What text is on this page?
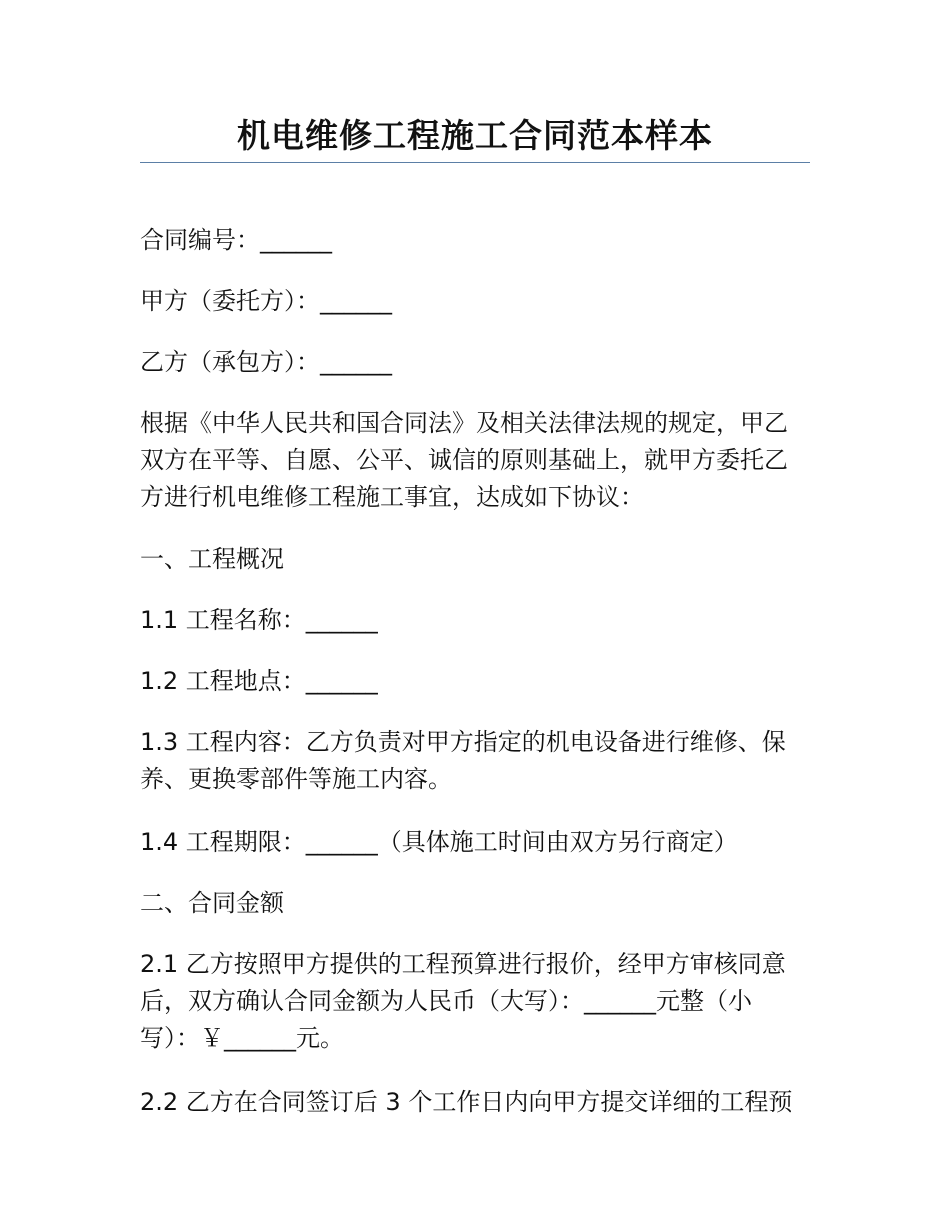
机电维修工程施工合同范本样本
合同编号：______
甲方（委托方）：______
乙方（承包方）：______
根据《中华人民共和国合同法》及相关法律法规的规定，甲乙
双方在平等、自愿、公平、诚信的原则基础上，就甲方委托乙
方进行机电维修工程施工事宜，达成如下协议：
一、工程概况
1.1 工程名称：______
1.2 工程地点：______
1.3 工程内容：乙方负责对甲方指定的机电设备进行维修、保
养、更换零部件等施工内容。
1.4 工程期限：______（具体施工时间由双方另行商定）
二、合同金额
2.1 乙方按照甲方提供的工程预算进行报价，经甲方审核同意
后，双方确认合同金额为人民币（大写）：______元整（小
写）：￥______元。
2.2 乙方在合同签订后 3 个工作日内向甲方提交详细的工程预
